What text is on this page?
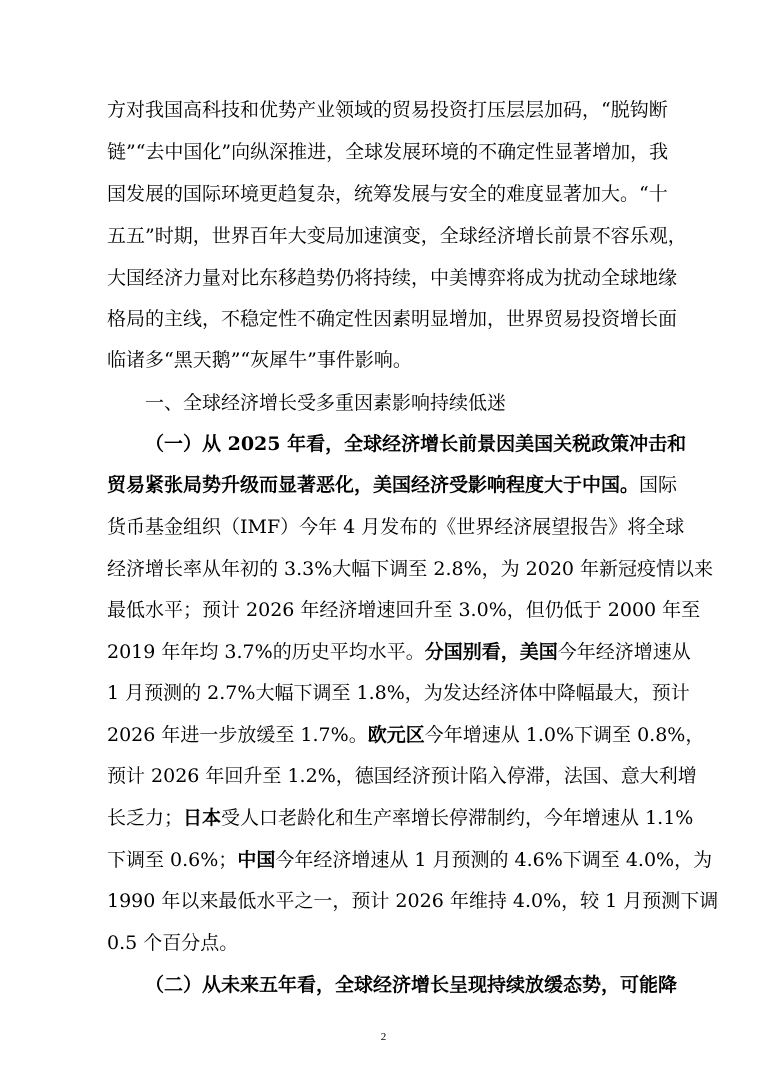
方对我国高科技和优势产业领域的贸易投资打压层层加码，“脱钩断
链”“去中国化”向纵深推进，全球发展环境的不确定性显著增加，我
国发展的国际环境更趋复杂，统筹发展与安全的难度显著加大。“十
五五”时期，世界百年大变局加速演变，全球经济增长前景不容乐观，
大国经济力量对比东移趋势仍将持续，中美博弈将成为扰动全球地缘
格局的主线，不稳定性不确定性因素明显增加，世界贸易投资增长面
临诸多“黑天鹅”“灰犀牛”事件影响。
一、全球经济增长受多重因素影响持续低迷
（一）从 2025 年看，全球经济增长前景因美国关税政策冲击和
贸易紧张局势升级而显著恶化，美国经济受影响程度大于中国。国际
货币基金组织（IMF）今年 4 月发布的《世界经济展望报告》将全球
经济增长率从年初的 3.3%大幅下调至 2.8%，为 2020 年新冠疫情以来
最低水平；预计 2026 年经济增速回升至 3.0%，但仍低于 2000 年至
2019 年年均 3.7%的历史平均水平。分国别看，美国今年经济增速从
1 月预测的 2.7%大幅下调至 1.8%，为发达经济体中降幅最大，预计
2026 年进一步放缓至 1.7%。欧元区今年增速从 1.0%下调至 0.8%，
预计 2026 年回升至 1.2%，德国经济预计陷入停滞，法国、意大利增
长乏力；日本受人口老龄化和生产率增长停滞制约，今年增速从 1.1%
下调至 0.6%；中国今年经济增速从 1 月预测的 4.6%下调至 4.0%，为
1990 年以来最低水平之一，预计 2026 年维持 4.0%，较 1 月预测下调
0.5 个百分点。
（二）从未来五年看，全球经济增长呈现持续放缓态势，可能降
2
